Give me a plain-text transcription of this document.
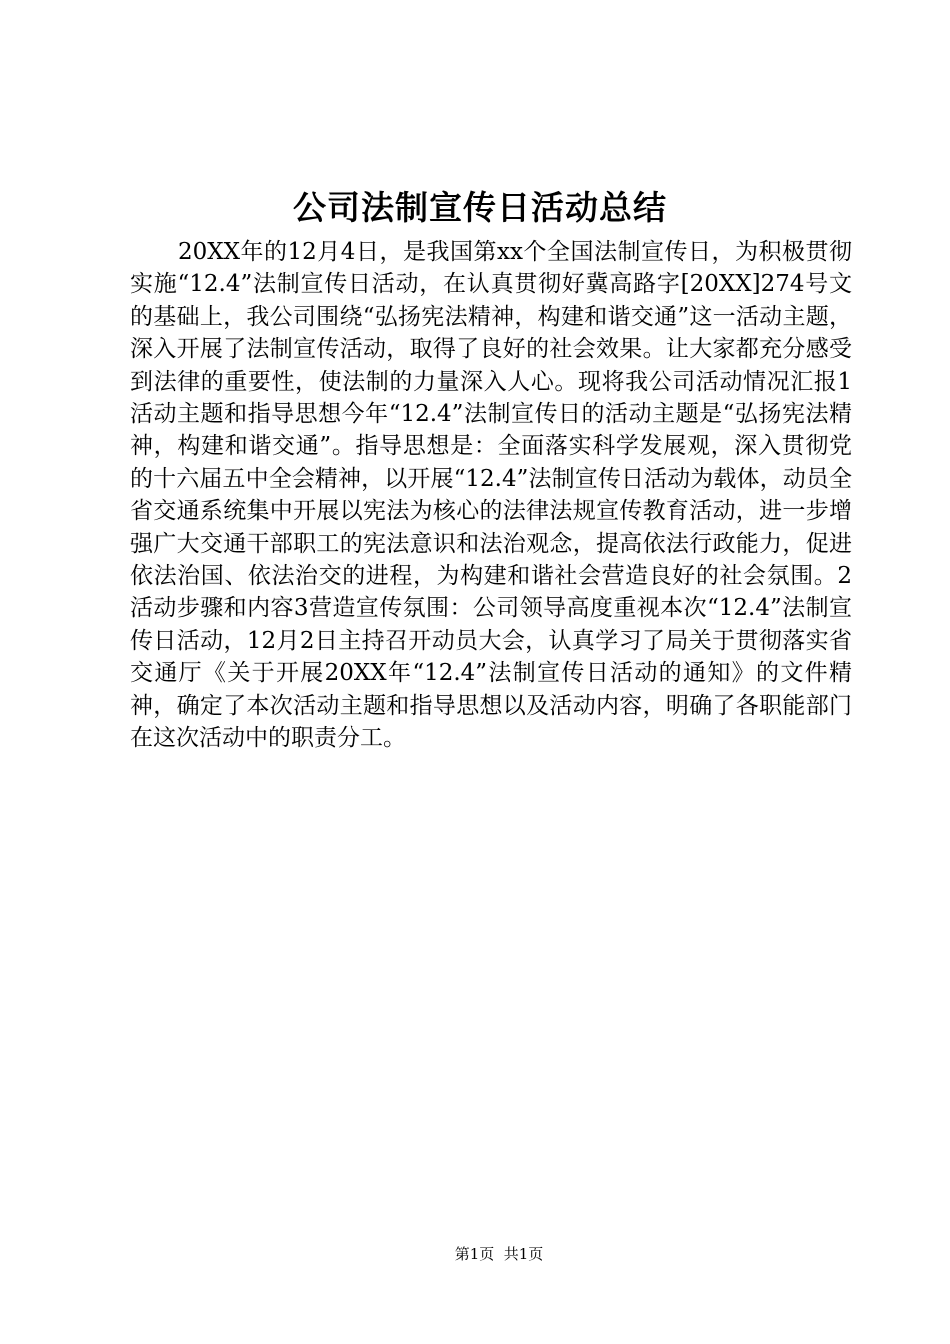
公司法制宣传日活动总结

20XX年的12月4日，是我国第xx个全国法制宣传日，为积极贯彻实施“12.4”法制宣传日活动，在认真贯彻好冀高路字[20XX]274号文的基础上，我公司围绕“弘扬宪法精神，构建和谐交通”这一活动主题，深入开展了法制宣传活动，取得了良好的社会效果。让大家都充分感受到法律的重要性，使法制的力量深入人心。现将我公司活动情况汇报1活动主题和指导思想今年“12.4”法制宣传日的活动主题是“弘扬宪法精神，构建和谐交通”。指导思想是：全面落实科学发展观，深入贯彻党的十六届五中全会精神，以开展“12.4”法制宣传日活动为载体，动员全省交通系统集中开展以宪法为核心的法律法规宣传教育活动，进一步增强广大交通干部职工的宪法意识和法治观念，提高依法行政能力，促进依法治国、依法治交的进程，为构建和谐社会营造良好的社会氛围。2活动步骤和内容3营造宣传氛围：公司领导高度重视本次“12.4”法制宣传日活动，12月2日主持召开动员大会，认真学习了局关于贯彻落实省交通厅《关于开展20XX年“12.4”法制宣传日活动的通知》的文件精神，确定了本次活动主题和指导思想以及活动内容，明确了各职能部门在这次活动中的职责分工。

第1页  共1页
